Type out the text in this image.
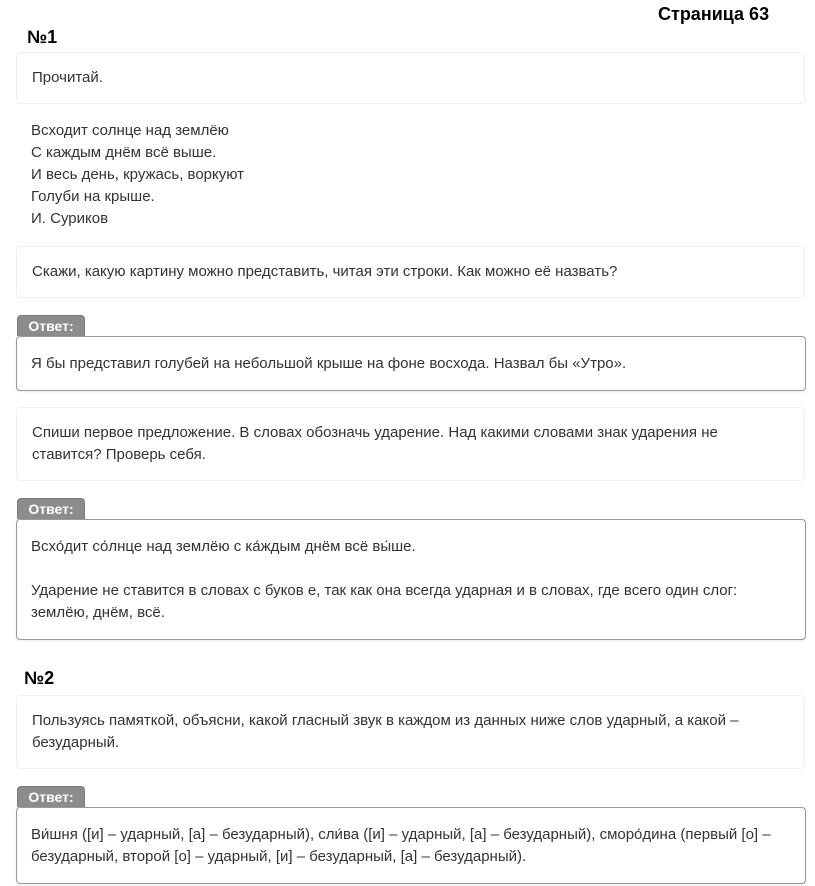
Страница 63
№1

Прочитай.

Всходит солнце над землёю
С каждым днём всё выше.
И весь день, кружась, воркуют
Голуби на крыше.
И. Суриков

Скажи, какую картину можно представить, читая эти строки. Как можно её назвать?

Ответ:

Я бы представил голубей на небольшой крыше на фоне восхода. Назвал бы «Утро».

Спиши первое предложение. В словах обозначь ударение. Над какими словами знак ударения не ставится? Проверь себя.

Ответ:

Всхо́дит со́лнце над землёю с ка́ждым днём всё вы́ше.

Ударение не ставится в словах с буков е, так как она всегда ударная и в словах, где всего один слог: землёю, днём, всё.

№2

Пользуясь памяткой, объясни, какой гласный звук в каждом из данных ниже слов ударный, а какой – безударный.

Ответ:

Ви́шня ([и] – ударный, [а] – безударный), сли́ва ([и] – ударный, [а] – безударный), сморо́дина (первый [о] – безударный, второй [о] – ударный, [и] – безударный, [а] – безударный).
